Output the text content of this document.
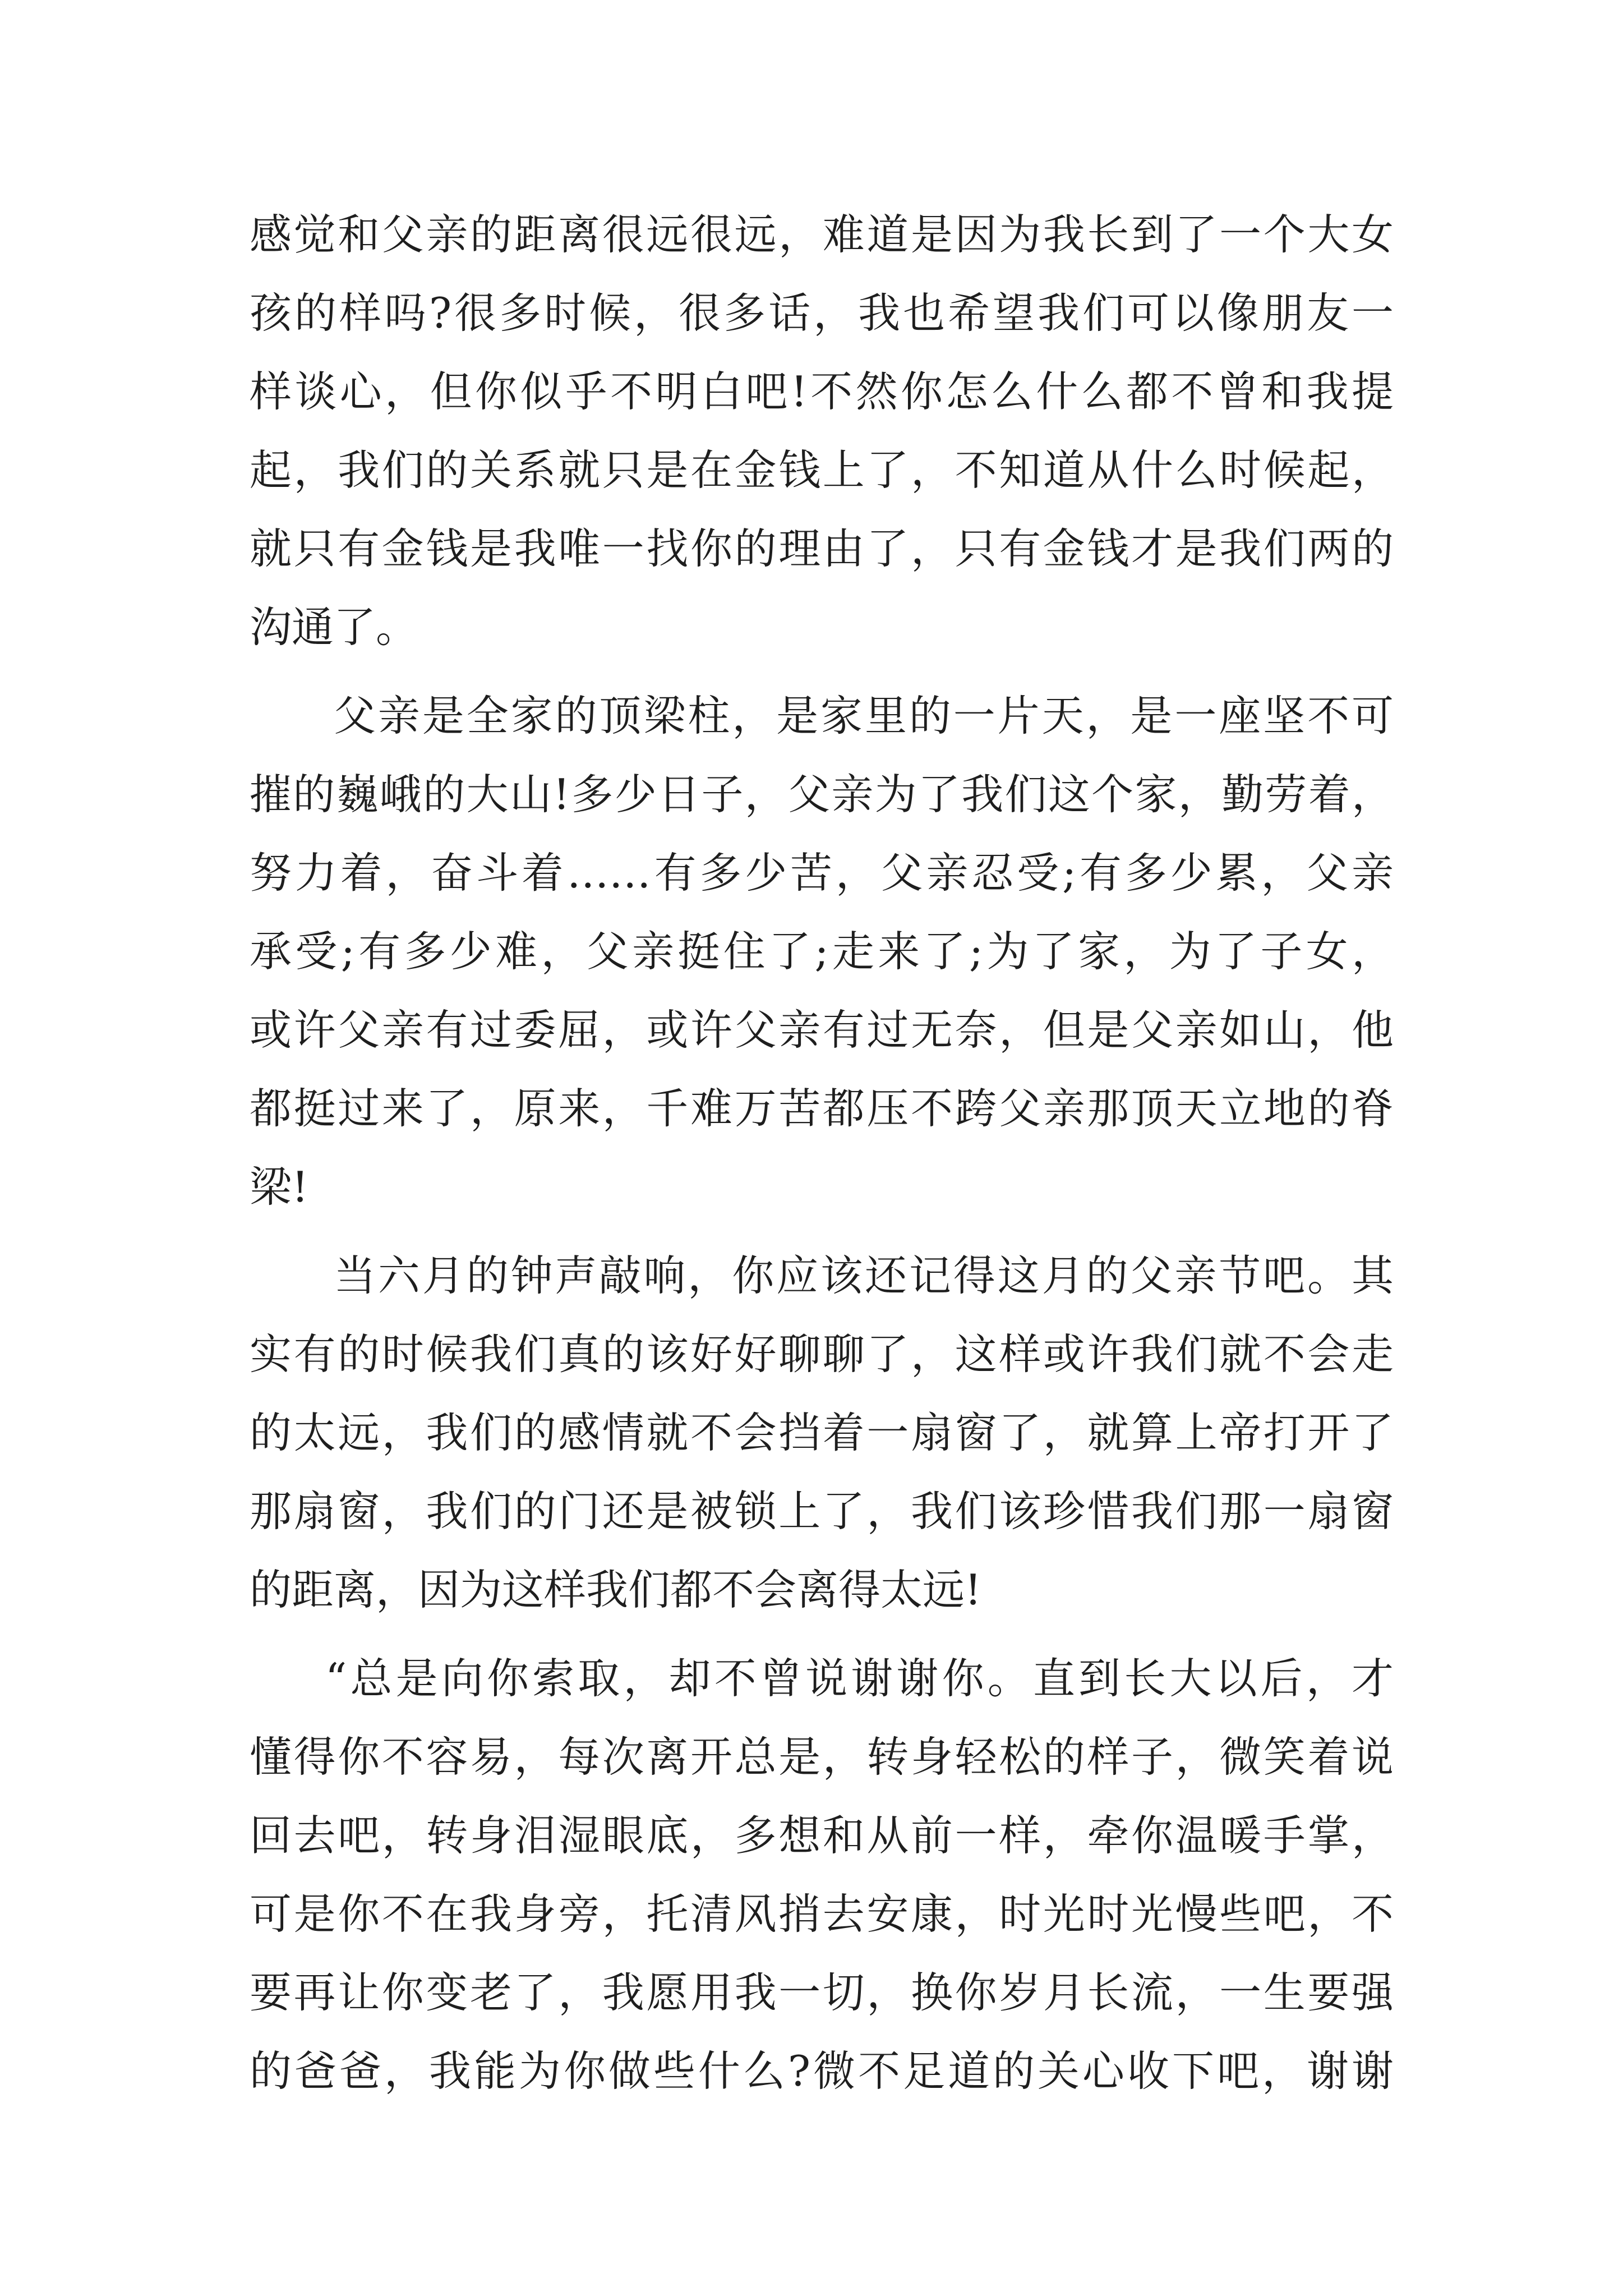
感觉和父亲的距离很远很远，难道是因为我长到了一个大女
孩的样吗?很多时候，很多话，我也希望我们可以像朋友一
样谈心，但你似乎不明白吧!不然你怎么什么都不曾和我提
起，我们的关系就只是在金钱上了，不知道从什么时候起，
就只有金钱是我唯一找你的理由了，只有金钱才是我们两的
沟通了。
父亲是全家的顶梁柱，是家里的一片天，是一座坚不可
摧的巍峨的大山!多少日子，父亲为了我们这个家，勤劳着，
努力着，奋斗着……有多少苦，父亲忍受;有多少累，父亲
承受;有多少难，父亲挺住了;走来了;为了家，为了子女，
或许父亲有过委屈，或许父亲有过无奈，但是父亲如山，他
都挺过来了，原来，千难万苦都压不跨父亲那顶天立地的脊
梁!
当六月的钟声敲响，你应该还记得这月的父亲节吧。其
实有的时候我们真的该好好聊聊了，这样或许我们就不会走
的太远，我们的感情就不会挡着一扇窗了，就算上帝打开了
那扇窗，我们的门还是被锁上了，我们该珍惜我们那一扇窗
的距离，因为这样我们都不会离得太远!
“总是向你索取，却不曾说谢谢你。直到长大以后，才
懂得你不容易，每次离开总是，转身轻松的样子，微笑着说
回去吧，转身泪湿眼底，多想和从前一样，牵你温暖手掌，
可是你不在我身旁，托清风捎去安康，时光时光慢些吧，不
要再让你变老了，我愿用我一切，换你岁月长流，一生要强
的爸爸，我能为你做些什么?微不足道的关心收下吧，谢谢
